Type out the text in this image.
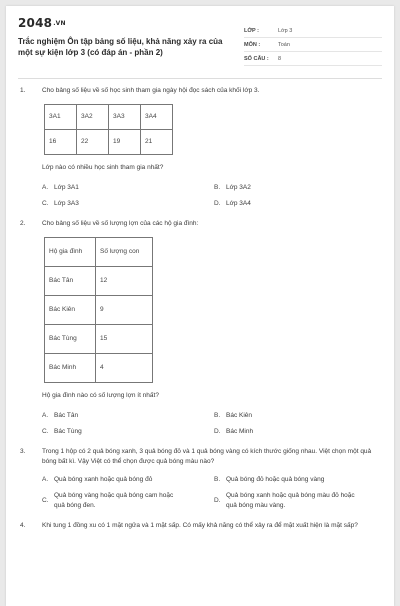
2048.VN
Trắc nghiệm Ôn tập bảng số liệu, khả năng xảy ra của một sự kiện lớp 3 (có đáp án - phần 2)
LỚP :	Lớp 3
MÔN :	Toán
SỐ CÂU :	8
1.	Cho bảng số liệu về số học sinh tham gia ngày hội đọc sách của khối lớp 3.
3A1	3A2	3A3	3A4
16	22	19	21
Lớp nào có nhiều học sinh tham gia nhất?
A. Lớp 3A1	B. Lớp 3A2
C. Lớp 3A3	D. Lớp 3A4
2.	Cho bảng số liệu về số lượng lợn của các hộ gia đình:
Hộ gia đình	Số lượng con
Bác Tân	12
Bác Kiên	9
Bác Tùng	15
Bác Minh	4
Hộ gia đình nào có số lượng lợn ít nhất?
A. Bác Tân	B. Bác Kiên
C. Bác Tùng	D. Bác Minh
3.	Trong 1 hộp có 2 quả bóng xanh, 3 quả bóng đỏ và 1 quả bóng vàng có kích thước giống nhau. Việt chọn một quả bóng bất kì. Vậy Việt có thể chọn được quả bóng màu nào?
A. Quả bóng xanh hoặc quả bóng đỏ	B. Quả bóng đỏ hoặc quả bóng vàng
C.
Quả bóng vàng hoặc quả bóng cam hoặc quả bóng đen.
D.
Quả bóng xanh hoặc quả bóng màu đỏ hoặc quả bóng màu vàng.
4.	Khi tung 1 đồng xu có 1 mặt ngửa và 1 mặt sấp. Có mấy khả năng có thể xảy ra để mặt xuất hiện là mặt sấp?
